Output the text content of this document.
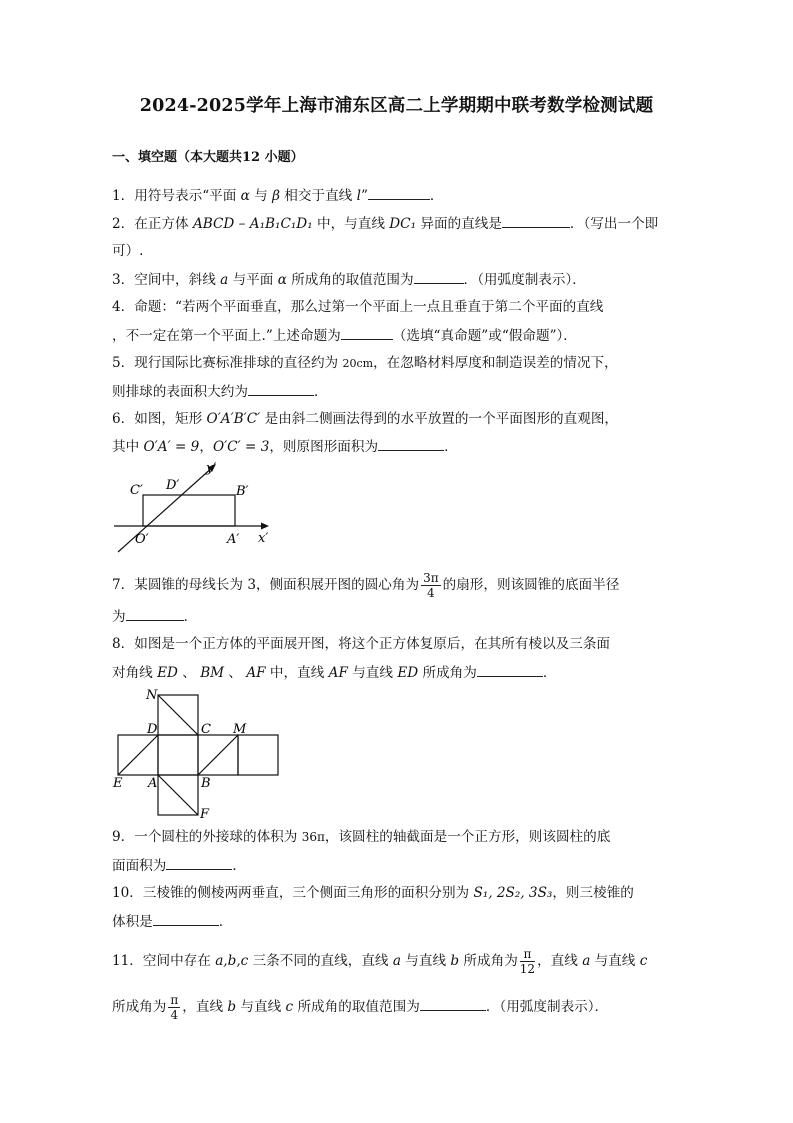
2024-2025学年上海市浦东区高二上学期期中联考数学检测试题
一、填空题（本大题共12 小题）
1．用符号表示“平面 α 与 β 相交于直线 l”	．
2．在正方体 ABCD – A₁B₁C₁D₁ 中，与直线 DC₁ 异面的直线是	．（写出一个即
可）.
3．空间中，斜线 a 与平面 α 所成角的取值范围为	．（用弧度制表示）．
4．命题：“若两个平面垂直，那么过第一个平面上一点且垂直于第二个平面的直线
，不一定在第一个平面上.”上述命题为	（选填“真命题”或“假命题”）．
5．现行国际比赛标准排球的直径约为 20cm，在忽略材料厚度和制造误差的情况下，
则排球的表面积大约为	．
6．如图，矩形 O′A′B′C′ 是由斜二侧画法得到的水平放置的一个平面图形的直观图，
其中 O′A′ = 9，O′C′ = 3，则原图形面积为	．
C′ D′
y′
B′
O′	A′ x′
7．某圆锥的母线长为 3，侧面积展开图的圆心角为 $\frac{3\pi}{4}$ 的扇形，则该圆锥的底面半径
为	．
8．如图是一个正方体的平面展开图，将这个正方体复原后，在其所有棱以及三条面
对角线 ED 、 BM 、 AF 中，直线 AF 与直线 ED 所成角为	．
N
D	C M
E A	B
F
9．一个圆柱的外接球的体积为 36π，该圆柱的轴截面是一个正方形，则该圆柱的底
面面积为	．
10．三棱锥的侧棱两两垂直，三个侧面三角形的面积分别为 S₁, 2S₂, 3S₃，则三棱锥的
体积是	．
11．空间中存在 a,b,c 三条不同的直线，直线 a 与直线 b 所成角为 $\frac{\pi}{12}$ ，直线 a 与直线 c
所成角为 $\frac{\pi}{4}$ ，直线 b 与直线 c 所成角的取值范围为	．（用弧度制表示）．
